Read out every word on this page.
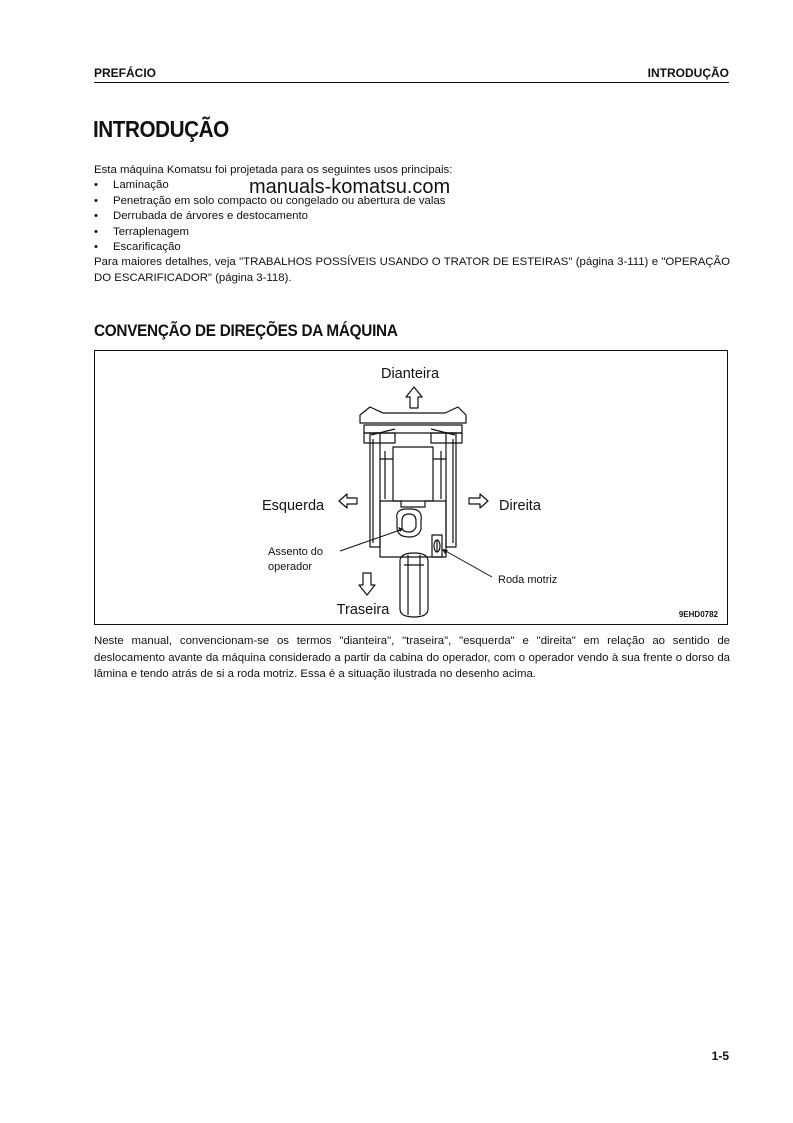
PREFÁCIO	INTRODUÇÃO
INTRODUÇÃO

Esta máquina Komatsu foi projetada para os seguintes usos principais:

• Laminação
• Penetração em solo compacto ou congelado ou abertura de valas
• Derrubada de árvores e destocamento
• Terraplenagem
• Escarificação

Para maiores detalhes, veja "TRABALHOS POSSÍVEIS USANDO O TRATOR DE ESTEIRAS" (página 3-111) e "OPERAÇÃO DO ESCARIFICADOR" (página 3-118).

manuals-komatsu.com
CONVENÇÃO DE DIREÇÕES DA MÁQUINA
Dianteira
Esquerda	Direita
Traseira
Assento do
operador
Roda motriz
9EHD0782

Neste manual, convencionam-se os termos "dianteira", "traseira", "esquerda" e "direita" em relação ao sentido de deslocamento avante da máquina considerado a partir da cabina do operador, com o operador vendo à sua frente o dorso da lâmina e tendo atrás de si a roda motriz. Essa é a situação ilustrada no desenho acima.

1-5
